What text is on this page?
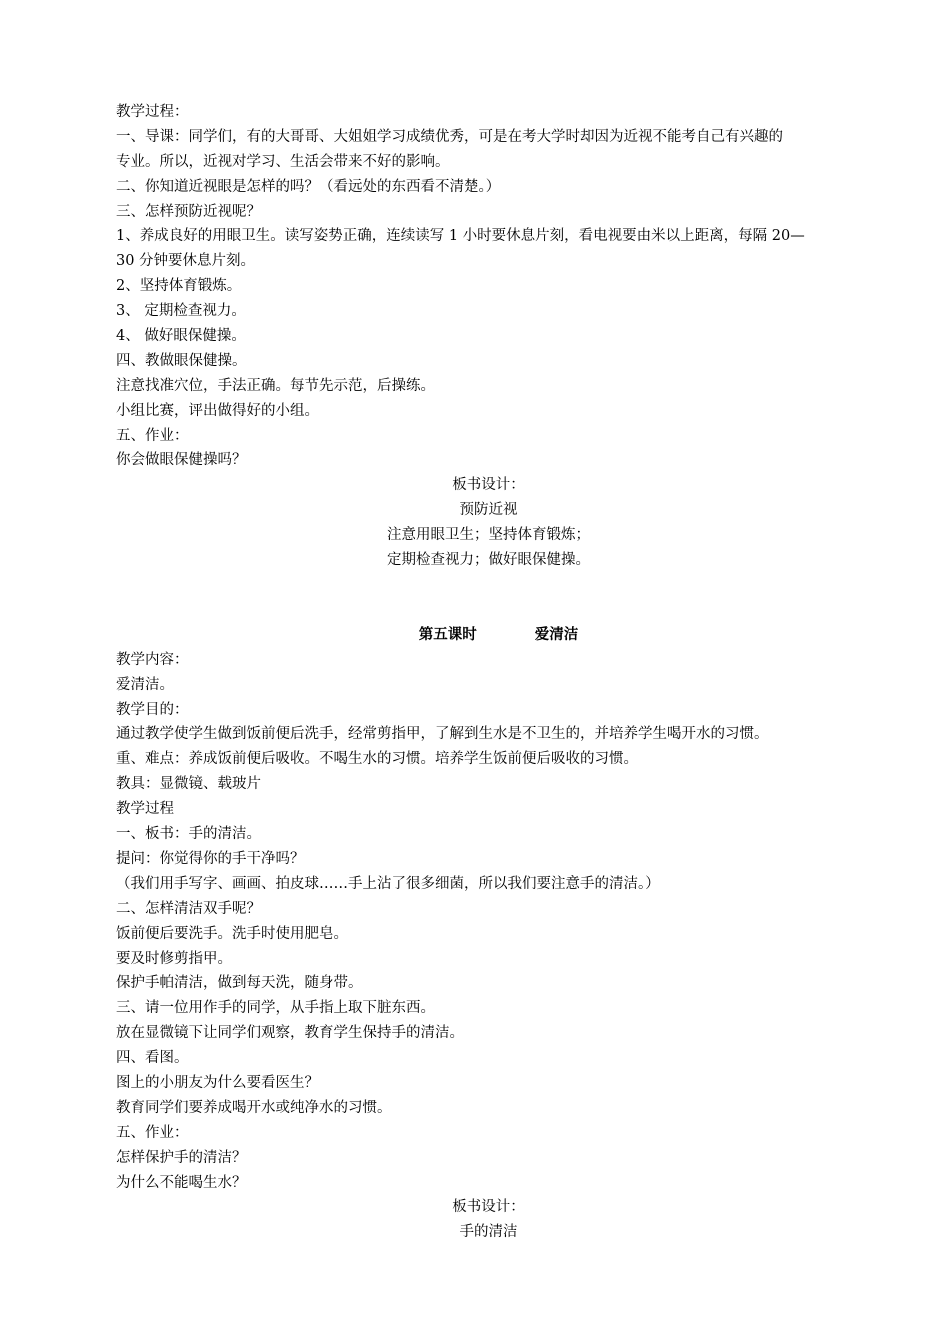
教学过程：
一、导课：同学们，有的大哥哥、大姐姐学习成绩优秀，可是在考大学时却因为近视不能考自己有兴趣的
专业。所以，近视对学习、生活会带来不好的影响。
二、你知道近视眼是怎样的吗？（看远处的东西看不清楚。）
三、怎样预防近视呢？
1、养成良好的用眼卫生。读写姿势正确，连续读写 1 小时要休息片刻，看电视要由米以上距离，每隔 20—
30 分钟要休息片刻。
2、坚持体育锻炼。
3、 定期检查视力。
4、 做好眼保健操。
四、教做眼保健操。
注意找准穴位，手法正确。每节先示范，后操练。
小组比赛，评出做得好的小组。
五、作业：
你会做眼保健操吗？
板书设计：
预防近视
注意用眼卫生；坚持体育锻炼；
定期检查视力；做好眼保健操。
第五课时	爱清洁
教学内容：
爱清洁。
教学目的：
通过教学使学生做到饭前便后洗手，经常剪指甲，了解到生水是不卫生的，并培养学生喝开水的习惯。
重、难点：养成饭前便后吸收。不喝生水的习惯。培养学生饭前便后吸收的习惯。
教具：显微镜、载玻片
教学过程
一、板书：手的清洁。
提问：你觉得你的手干净吗？
（我们用手写字、画画、拍皮球……手上沾了很多细菌，所以我们要注意手的清洁。）
二、怎样清洁双手呢？
饭前便后要洗手。洗手时使用肥皂。
要及时修剪指甲。
保护手帕清洁，做到每天洗，随身带。
三、请一位用作手的同学，从手指上取下脏东西。
放在显微镜下让同学们观察，教育学生保持手的清洁。
四、看图。
图上的小朋友为什么要看医生？
教育同学们要养成喝开水或纯净水的习惯。
五、作业：
怎样保护手的清洁？
为什么不能喝生水？
板书设计：
手的清洁
